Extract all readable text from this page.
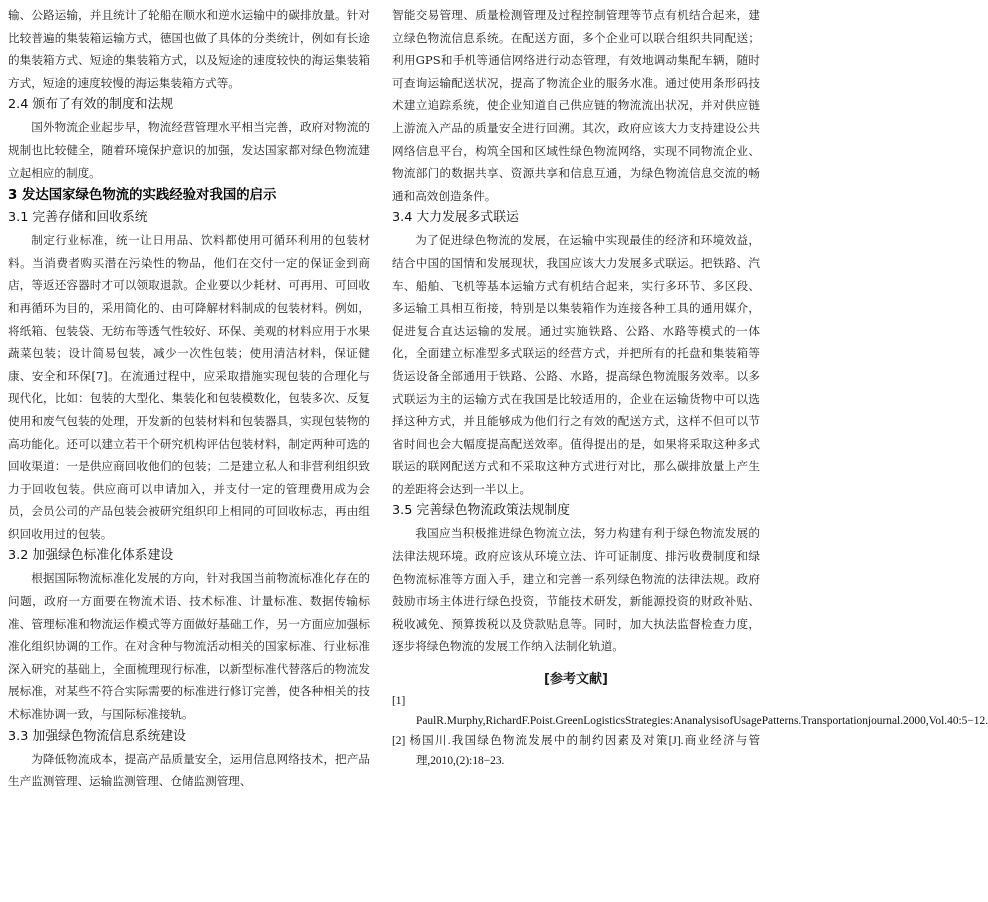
输、公路运输，并且统计了轮船在顺水和逆水运输中的碳排放量。针对比较普遍的集装箱运输方式，德国也做了具体的分类统计，例如有长途的集装箱方式、短途的集装箱方式，以及短途的速度较快的海运集装箱方式，短途的速度较慢的海运集装箱方式等。

2.4 颁布了有效的制度和法规

国外物流企业起步早，物流经营管理水平相当完善，政府对物流的规制也比较健全，随着环境保护意识的加强，发达国家都对绿色物流建立起相应的制度。

3 发达国家绿色物流的实践经验对我国的启示
3.1 完善存储和回收系统

制定行业标准，统一让日用品、饮料都使用可循环利用的包装材料。当消费者购买潜在污染性的物品，他们在交付一定的保证金到商店，等返还容器时才可以领取退款。企业要以少耗材、可再用、可回收和再循环为目的，采用简化的、由可降解材料制成的包装材料。例如，将纸箱、包装袋、无纺布等透气性较好、环保、美观的材料应用于水果蔬菜包装；设计简易包装，减少一次性包装；使用清洁材料，保证健康、安全和环保[7]。在流通过程中，应采取措施实现包装的合理化与现代化，比如：包装的大型化、集装化和包装模数化，包装多次、反复使用和废气包装的处理，开发新的包装材料和包装器具，实现包装物的高功能化。还可以建立若干个研究机构评估包装材料，制定两种可选的回收渠道：一是供应商回收他们的包装；二是建立私人和非营利组织致力于回收包装。供应商可以申请加入，并支付一定的管理费用成为会员，会员公司的产品包装会被研究组织印上相同的可回收标志，再由组织回收用过的包装。

3.2 加强绿色标准化体系建设

根据国际物流标准化发展的方向，针对我国当前物流标准化存在的问题，政府一方面要在物流术语、技术标准、计量标准、数据传输标准、管理标准和物流运作模式等方面做好基础工作，另一方面应加强标准化组织协调的工作。在对含种与物流活动相关的国家标准、行业标准深入研究的基础上，全面梳理现行标准，以新型标准代替落后的物流发展标准，对某些不符合实际需要的标准进行修订完善，使各种相关的技术标准协调一致，与国际标准接轨。

3.3 加强绿色物流信息系统建设

为降低物流成本，提高产品质量安全，运用信息网络技术，把产品生产监测管理、运输监测管理、仓储监测管理、

智能交易管理、质量检测管理及过程控制管理等节点有机结合起来，建立绿色物流信息系统。在配送方面，多个企业可以联合组织共同配送；利用GPS和手机等通信网络进行动态管理，有效地调动集配车辆，随时可查询运输配送状况，提高了物流企业的服务水准。通过使用条形码技术建立追踪系统，使企业知道自己供应链的物流流出状况，并对供应链上游流入产品的质量安全进行回溯。其次，政府应该大力支持建设公共网络信息平台，构筑全国和区域性绿色物流网络，实现不同物流企业、物流部门的数据共享、资源共享和信息互通，为绿色物流信息交流的畅通和高效创造条件。

3.4 大力发展多式联运

为了促进绿色物流的发展，在运输中实现最佳的经济和环境效益，结合中国的国情和发展现状，我国应该大力发展多式联运。把铁路、汽车、船舶、飞机等基本运输方式有机结合起来，实行多环节、多区段、多运输工具相互衔接，特别是以集装箱作为连接各种工具的通用媒介，促进复合直达运输的发展。通过实施铁路、公路、水路等模式的一体化，全面建立标准型多式联运的经营方式，并把所有的托盘和集装箱等货运设备全部通用于铁路、公路、水路，提高绿色物流服务效率。以多式联运为主的运输方式在我国是比较适用的，企业在运输货物中可以选择这种方式，并且能够成为他们行之有效的配送方式，这样不但可以节省时间也会大幅度提高配送效率。值得提出的是，如果将采取这种多式联运的联网配送方式和不采取这种方式进行对比，那么碳排放量上产生的差距将会达到一半以上。

3.5 完善绿色物流政策法规制度

我国应当积极推进绿色物流立法，努力构建有利于绿色物流发展的法律法规环境。政府应该从环境立法、许可证制度、排污收费制度和绿色物流标准等方面入手，建立和完善一系列绿色物流的法律法规。政府鼓励市场主体进行绿色投资，节能技术研发，新能源投资的财政补贴、税收减免、预算拨税以及贷款贴息等。同时，加大执法监督检查力度，逐步将绿色物流的发展工作纳入法制化轨道。

[参考文献]

[1] PaulR.Murphy,RichardF.Poist.GreenLogisticsStrategies:AnanalysisofUsagePatterns.Transportationjournal.2000,Vol.40:5−12.

[2] 杨国川.我国绿色物流发展中的制约因素及对策[J].商业经济与管理,2010,(2):18−23.
